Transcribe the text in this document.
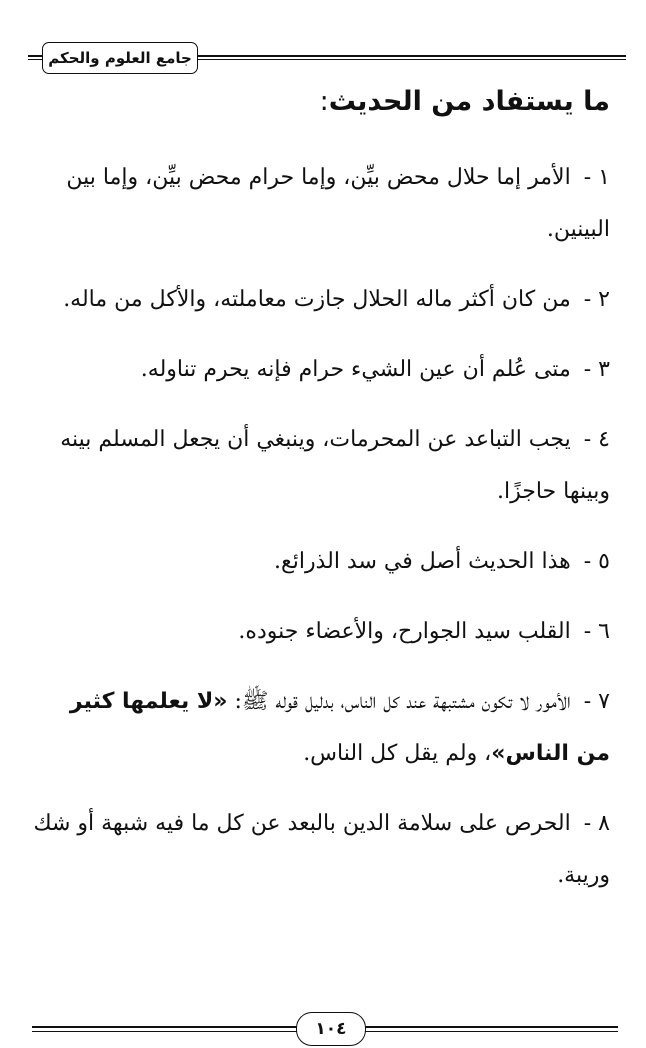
جامع العلوم والحكم
ما يستفاد من الحديث:
١ - الأمر إما حلال محض بيِّن، وإما حرام محض بيِّن، وإما بين البينين.
٢ - من كان أكثر ماله الحلال جازت معاملته، والأكل من ماله.
٣ - متى عُلم أن عين الشيء حرام فإنه يحرم تناوله.
٤ - يجب التباعد عن المحرمات، وينبغي أن يجعل المسلم بينه وبينها حاجزًا.
٥ - هذا الحديث أصل في سد الذرائع.
٦ - القلب سيد الجوارح، والأعضاء جنوده.
٧ - الأمور لا تكون مشتبهة عند كل الناس، بدليل قوله ﷺ: «لا يعلمها كثير من الناس»، ولم يقل كل الناس.
٨ - الحرص على سلامة الدين بالبعد عن كل ما فيه شبهة أو شك وريبة.
١٠٤
